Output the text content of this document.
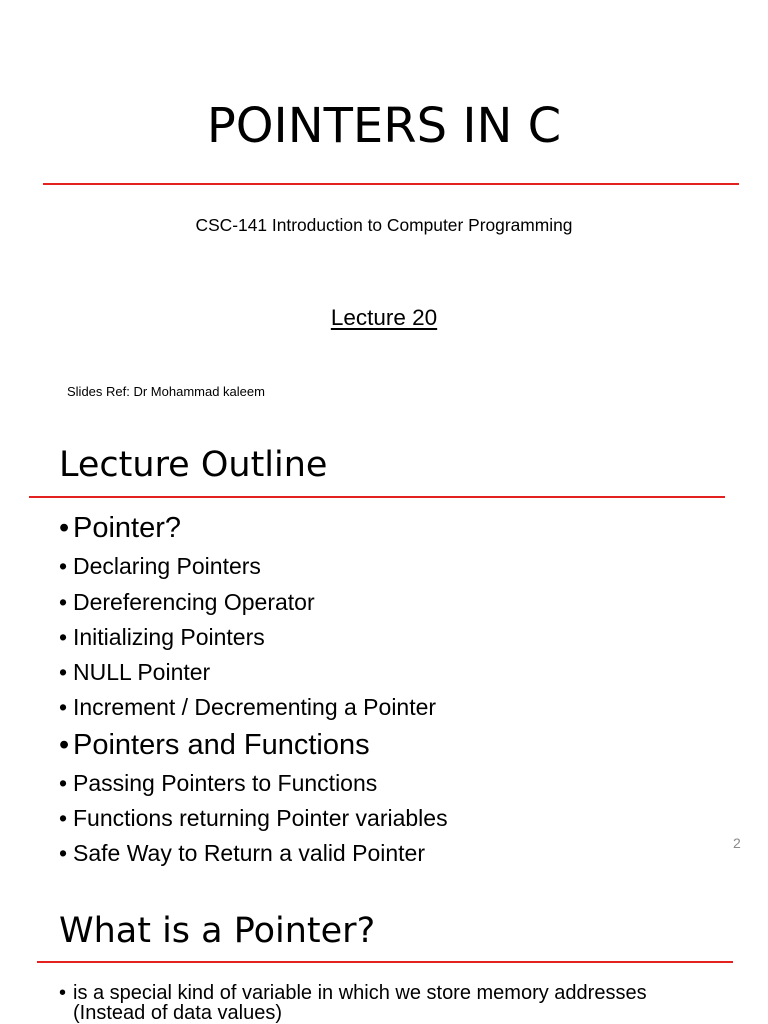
POINTERS IN C
CSC-141 Introduction to Computer Programming
Lecture 20
Slides Ref: Dr Mohammad kaleem
Lecture Outline
• Pointer?
• Declaring Pointers
• Dereferencing Operator
• Initializing Pointers
• NULL Pointer
• Increment / Decrementing a Pointer
• Pointers and Functions
• Passing Pointers to Functions
• Functions returning Pointer variables
• Safe Way to Return a valid Pointer	2
What is a Pointer?
• is a special kind of variable in which we store memory addresses (Instead of data values)
